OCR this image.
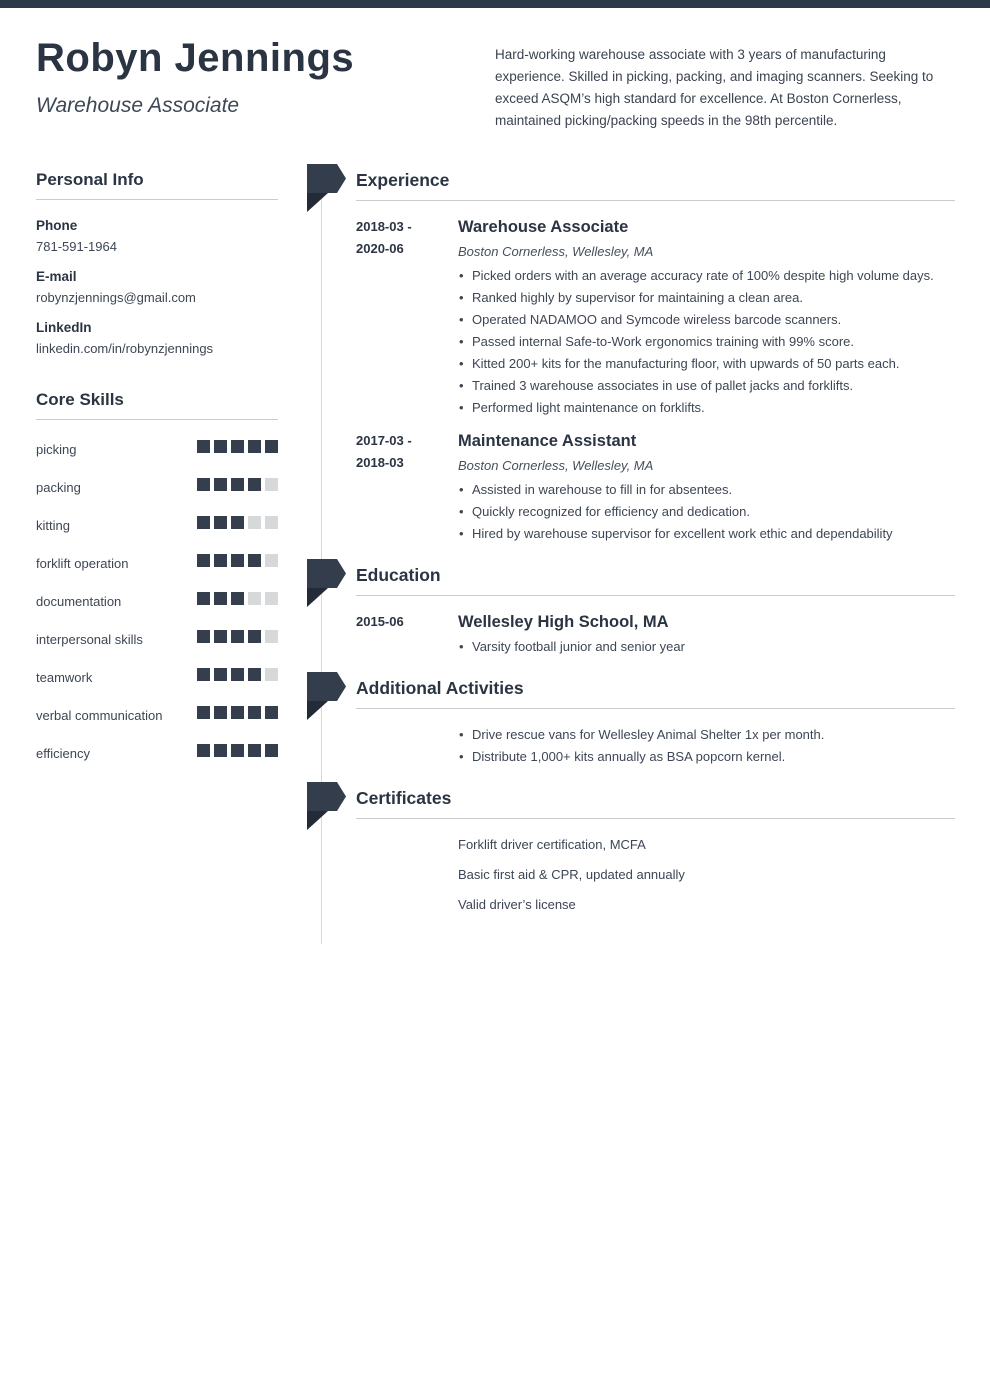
Robyn Jennings
Warehouse Associate
Hard-working warehouse associate with 3 years of manufacturing experience. Skilled in picking, packing, and imaging scanners. Seeking to exceed ASQM’s high standard for excellence. At Boston Cornerless, maintained picking/packing speeds in the 98th percentile.
Personal Info
Phone
781-591-1964
E-mail
robynzjennings@gmail.com
LinkedIn
linkedin.com/in/robynzjennings
Core Skills
picking
packing
kitting
forklift operation
documentation
interpersonal skills
teamwork
verbal communication
efficiency
Experience
2018-03 -
2020-06
Warehouse Associate
Boston Cornerless, Wellesley, MA
• Picked orders with an average accuracy rate of 100% despite high volume days.
• Ranked highly by supervisor for maintaining a clean area.
• Operated NADAMOO and Symcode wireless barcode scanners.
• Passed internal Safe-to-Work ergonomics training with 99% score.
• Kitted 200+ kits for the manufacturing floor, with upwards of 50 parts each.
• Trained 3 warehouse associates in use of pallet jacks and forklifts.
• Performed light maintenance on forklifts.
2017-03 -
2018-03
Maintenance Assistant
Boston Cornerless, Wellesley, MA
• Assisted in warehouse to fill in for absentees.
• Quickly recognized for efficiency and dedication.
• Hired by warehouse supervisor for excellent work ethic and dependability
Education
2015-06	Wellesley High School, MA
• Varsity football junior and senior year
Additional Activities
• Drive rescue vans for Wellesley Animal Shelter 1x per month.
• Distribute 1,000+ kits annually as BSA popcorn kernel.
Certificates
Forklift driver certification, MCFA
Basic first aid & CPR, updated annually
Valid driver’s license
